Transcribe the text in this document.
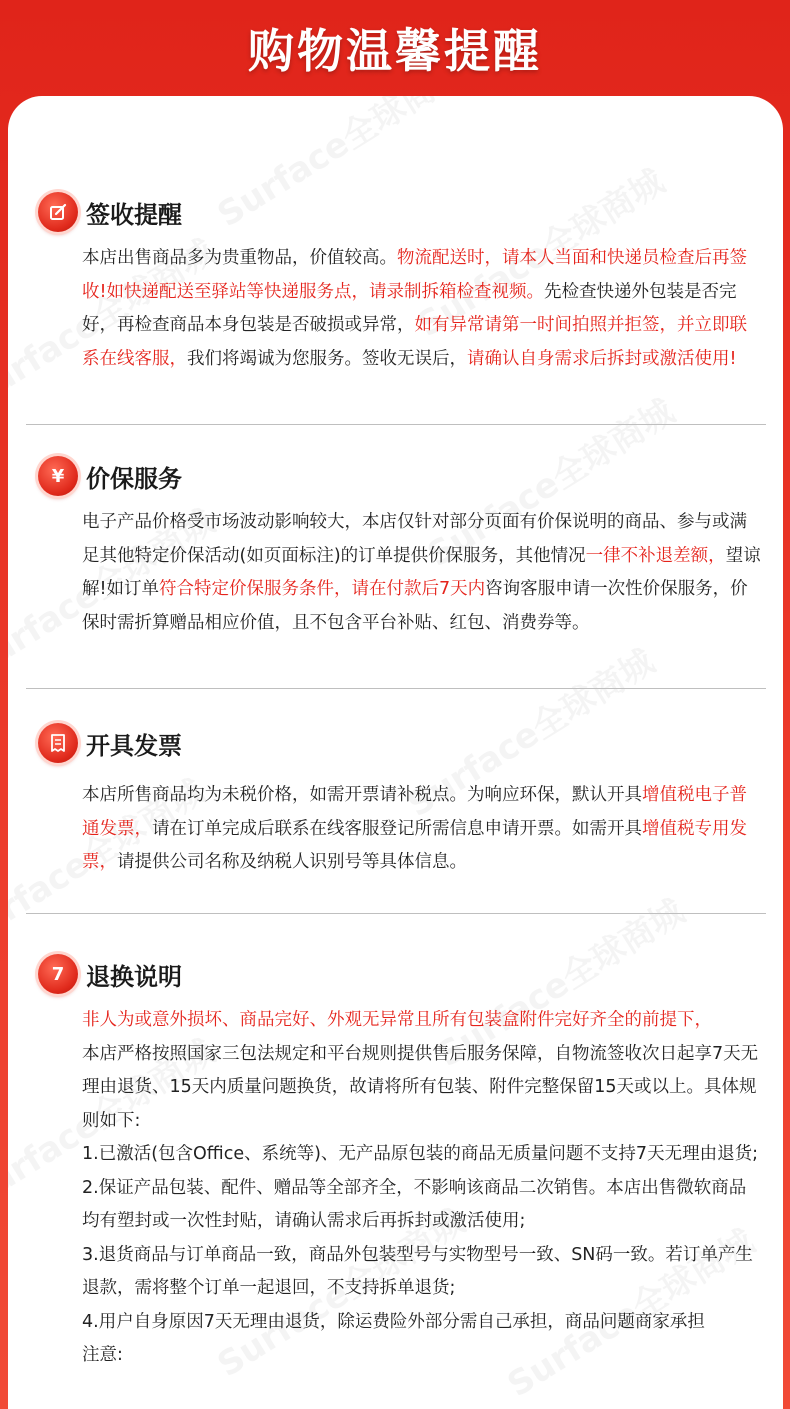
购物温馨提醒
签收提醒

本店出售商品多为贵重物品，价值较高。物流配送时，请本人当面和快递员检查后再签收!如快递配送至驿站等快递服务点，请录制拆箱检查视频。先检查快递外包装是否完好，再检查商品本身包装是否破损或异常，如有异常请第一时间拍照并拒签，并立即联系在线客服，我们将竭诚为您服务。签收无误后，请确认自身需求后拆封或激活使用!

¥ 价保服务

电子产品价格受市场波动影响较大，本店仅针对部分页面有价保说明的商品、参与或满足其他特定价保活动(如页面标注)的订单提供价保服务，其他情况一律不补退差额，望谅解!如订单符合特定价保服务条件，请在付款后7天内咨询客服申请一次性价保服务，价保时需折算赠品相应价值，且不包含平台补贴、红包、消费券等。

开具发票

本店所售商品均为未税价格，如需开票请补税点。为响应环保，默认开具增值税电子普通发票，请在订单完成后联系在线客服登记所需信息申请开票。如需开具增值税专用发票，请提供公司名称及纳税人识别号等具体信息。

7 退换说明

非人为或意外损坏、商品完好、外观无异常且所有包装盒附件完好齐全的前提下，

本店严格按照国家三包法规定和平台规则提供售后服务保障，自物流签收次日起享7天无理由退货、15天内质量问题换货，故请将所有包装、附件完整保留15天或以上。具体规则如下:

1.已激活(包含Office、系统等)、无产品原包装的商品无质量问题不支持7天无理由退货;

2.保证产品包装、配件、赠品等全部齐全，不影响该商品二次销售。本店出售微软商品均有塑封或一次性封贴，请确认需求后再拆封或激活使用;

3.退货商品与订单商品一致，商品外包装型号与实物型号一致、SN码一致。若订单产生退款，需将整个订单一起退回，不支持拆单退货;

4.用户自身原因7天无理由退货，除运费险外部分需自己承担，商品问题商家承担

注意:
